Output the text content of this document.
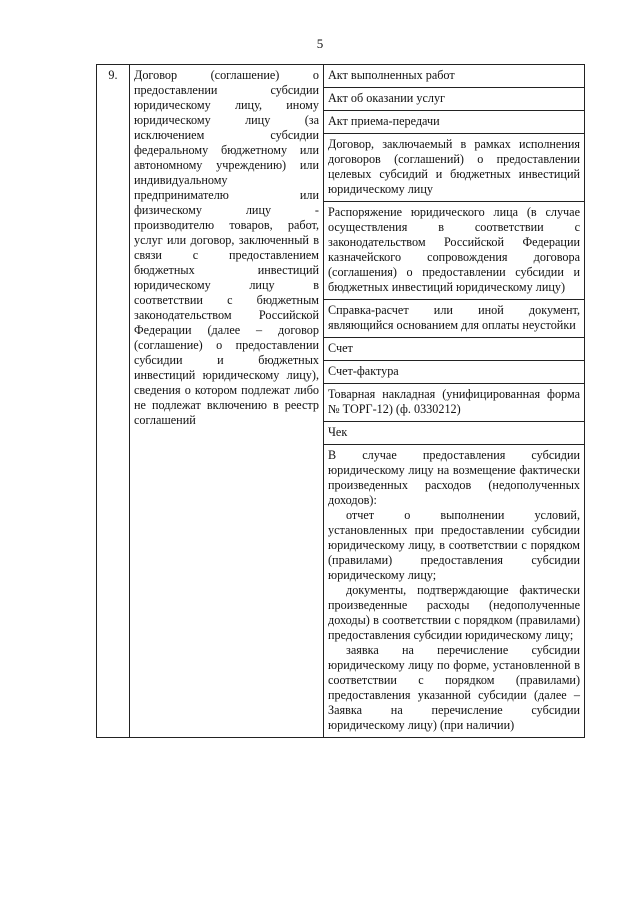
5
9.	Договор (соглашение) о предоставлении субсидии юридическому лицу, иному юридическому лицу (за исключением субсидии федеральному бюджетному или автономному учреждению) или индивидуальному предпринимателю или физическому лицу - производителю товаров, работ, услуг или договор, заключенный в связи с предоставлением бюджетных инвестиций юридическому лицу в соответствии с бюджетным законодательством Российской Федерации (далее – договор (соглашение) о предоставлении субсидии и бюджетных инвестиций юридическому лицу), сведения о котором подлежат либо не подлежат включению в реестр соглашений	Акт выполненных работ
Акт об оказании услуг
Акт приема-передачи
Договор, заключаемый в рамках исполнения договоров (соглашений) о предоставлении целевых субсидий и бюджетных инвестиций юридическому лицу
Распоряжение юридического лица (в случае осуществления в соответствии с законодательством Российской Федерации казначейского сопровождения договора (соглашения) о предоставлении субсидии и бюджетных инвестиций юридическому лицу)
Справка-расчет или иной документ, являющийся основанием для оплаты неустойки
Счет
Счет-фактура
Товарная накладная (унифицированная форма № ТОРГ-12) (ф. 0330212)
Чек

В случае предоставления субсидии юридическому лицу на возмещение фактически произведенных расходов (недополученных доходов):

отчет о выполнении условий, установленных при предоставлении субсидии юридическому лицу, в соответствии с порядком (правилами) предоставления субсидии юридическому лицу;

документы, подтверждающие фактически произведенные расходы (недополученные доходы) в соответствии с порядком (правилами) предоставления субсидии юридическому лицу;

заявка на перечисление субсидии юридическому лицу по форме, установленной в соответствии с порядком (правилами) предоставления указанной субсидии (далее – Заявка на перечисление субсидии юридическому лицу) (при наличии)
